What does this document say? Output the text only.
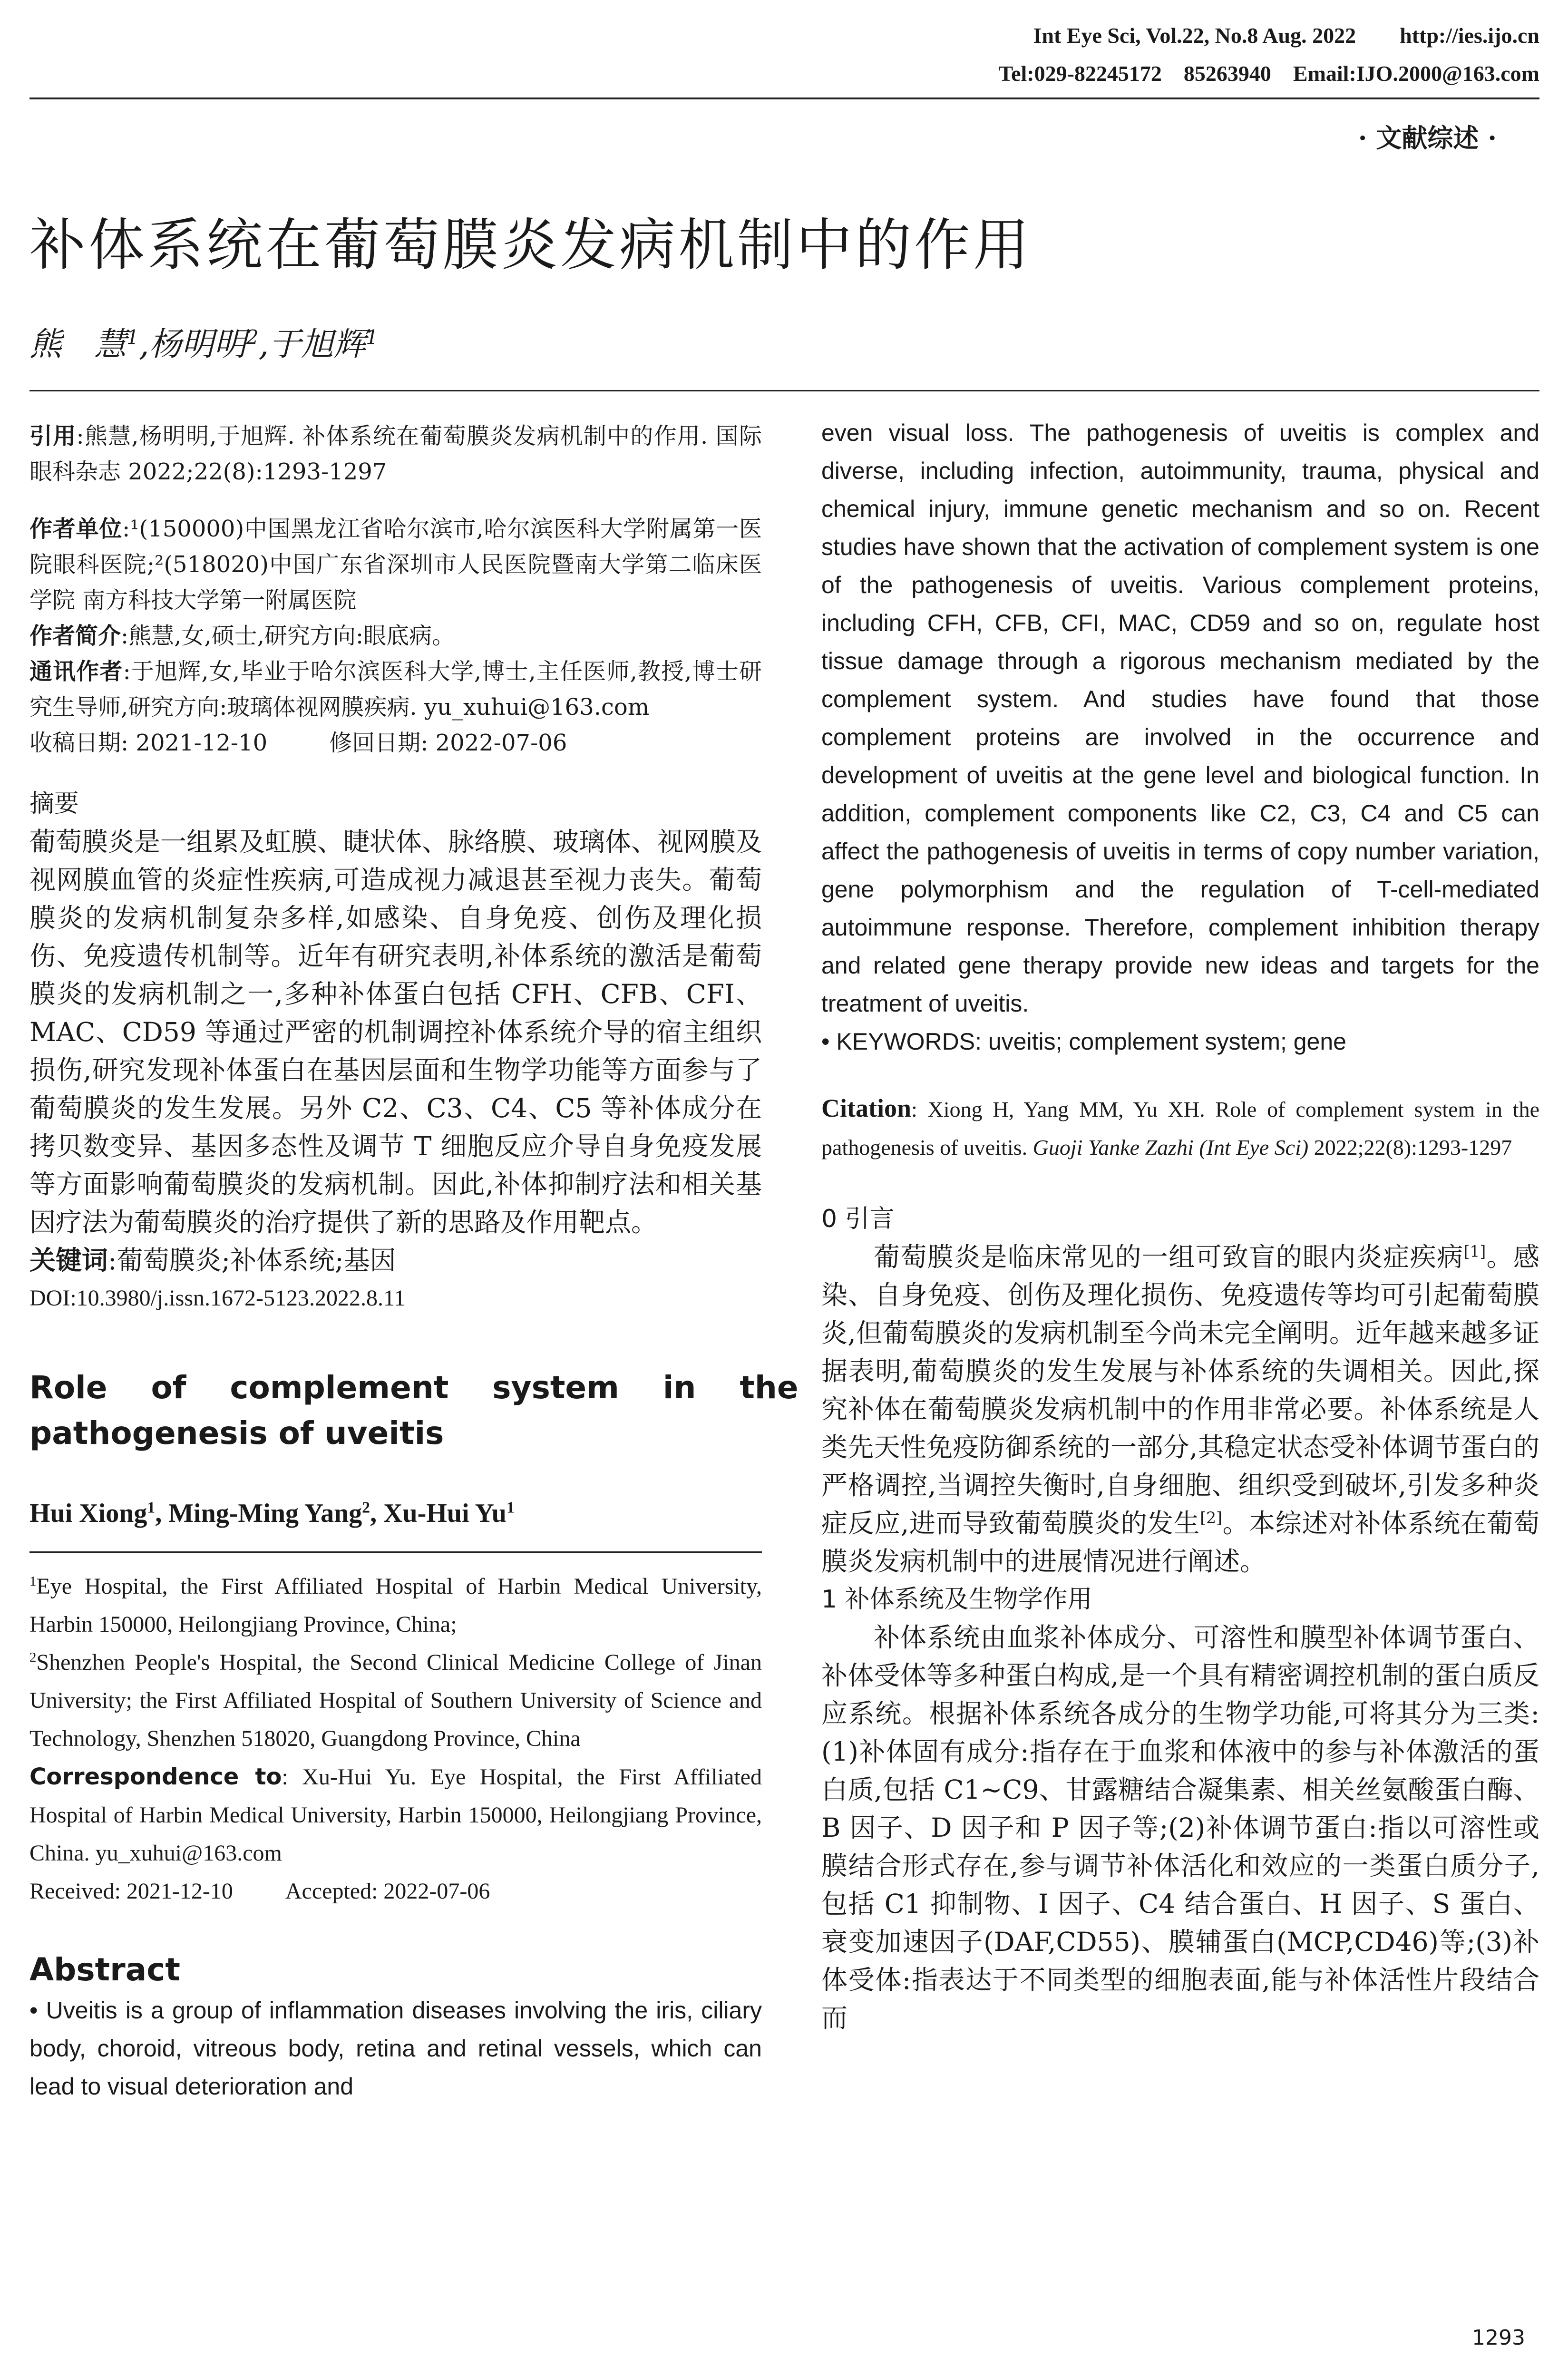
Int Eye Sci, Vol.22, No.8 Aug. 2022        http://ies.ijo.cn
Tel:029-82245172    85263940    Email:IJO.2000@163.com
· 文献综述 ·
补体系统在葡萄膜炎发病机制中的作用
熊　慧$^1$,杨明明$^2$,于旭辉$^1$

引用:熊慧,杨明明,于旭辉. 补体系统在葡萄膜炎发病机制中的作用. 国际眼科杂志 2022;22(8):1293-1297

作者单位:¹(150000)中国黑龙江省哈尔滨市,哈尔滨医科大学附属第一医院眼科医院;²(518020)中国广东省深圳市人民医院暨南大学第二临床医学院 南方科技大学第一附属医院

作者简介:熊慧,女,硕士,研究方向:眼底病。

通讯作者:于旭辉,女,毕业于哈尔滨医科大学,博士,主任医师,教授,博士研究生导师,研究方向:玻璃体视网膜疾病. yu_xuhui@163.com

收稿日期: 2021-12-10	修回日期: 2022-07-06

摘要

葡萄膜炎是一组累及虹膜、睫状体、脉络膜、玻璃体、视网膜及视网膜血管的炎症性疾病,可造成视力减退甚至视力丧失。葡萄膜炎的发病机制复杂多样,如感染、自身免疫、创伤及理化损伤、免疫遗传机制等。近年有研究表明,补体系统的激活是葡萄膜炎的发病机制之一,多种补体蛋白包括 CFH、CFB、CFI、MAC、CD59 等通过严密的机制调控补体系统介导的宿主组织损伤,研究发现补体蛋白在基因层面和生物学功能等方面参与了葡萄膜炎的发生发展。另外 C2、C3、C4、C5 等补体成分在拷贝数变异、基因多态性及调节 T 细胞反应介导自身免疫发展等方面影响葡萄膜炎的发病机制。因此,补体抑制疗法和相关基因疗法为葡萄膜炎的治疗提供了新的思路及作用靶点。

关键词:葡萄膜炎;补体系统;基因

DOI:10.3980/j.issn.1672-5123.2022.8.11

Role    of    complement    system    in    the

pathogenesis of uveitis

Hui Xiong$^1$, Ming-Ming Yang$^2$, Xu-Hui Yu$^1$

$^1$Eye Hospital, the First Affiliated Hospital of Harbin Medical University, Harbin 150000, Heilongjiang Province, China;

$^2$Shenzhen People's Hospital, the Second Clinical Medicine College of Jinan University; the First Affiliated Hospital of Southern University of Science and Technology, Shenzhen 518020, Guangdong Province, China

Correspondence to: Xu-Hui Yu. Eye Hospital, the First Affiliated Hospital of Harbin Medical University, Harbin 150000, Heilongjiang Province, China. yu_xuhui@163.com

Received: 2021-12-10 Accepted: 2022-07-06

Abstract

• Uveitis is a group of inflammation diseases involving the iris, ciliary body, choroid, vitreous body, retina and retinal vessels, which can lead to visual deterioration and

even visual loss. The pathogenesis of uveitis is complex and diverse, including infection, autoimmunity, trauma, physical and chemical injury, immune genetic mechanism and so on. Recent studies have shown that the activation of complement system is one of the pathogenesis of uveitis. Various complement proteins, including CFH, CFB, CFI, MAC, CD59 and so on, regulate host tissue damage through a rigorous mechanism mediated by the complement system. And studies have found that those complement proteins are involved in the occurrence and development of uveitis at the gene level and biological function. In addition, complement components like C2, C3, C4 and C5 can affect the pathogenesis of uveitis in terms of copy number variation, gene polymorphism and the regulation of T-cell-mediated autoimmune response. Therefore, complement inhibition therapy and related gene therapy provide new ideas and targets for the treatment of uveitis.

• KEYWORDS: uveitis; complement system; gene

Citation: Xiong H, Yang MM, Yu XH. Role of complement system in the pathogenesis of uveitis. Guoji Yanke Zazhi (Int Eye Sci) 2022;22(8):1293-1297

0 引言

葡萄膜炎是临床常见的一组可致盲的眼内炎症疾病[1]。感染、自身免疫、创伤及理化损伤、免疫遗传等均可引起葡萄膜炎,但葡萄膜炎的发病机制至今尚未完全阐明。近年越来越多证据表明,葡萄膜炎的发生发展与补体系统的失调相关。因此,探究补体在葡萄膜炎发病机制中的作用非常必要。补体系统是人类先天性免疫防御系统的一部分,其稳定状态受补体调节蛋白的严格调控,当调控失衡时,自身细胞、组织受到破坏,引发多种炎症反应,进而导致葡萄膜炎的发生[2]。本综述对补体系统在葡萄膜炎发病机制中的进展情况进行阐述。

1 补体系统及生物学作用

补体系统由血浆补体成分、可溶性和膜型补体调节蛋白、补体受体等多种蛋白构成,是一个具有精密调控机制的蛋白质反应系统。根据补体系统各成分的生物学功能,可将其分为三类:(1)补体固有成分:指存在于血浆和体液中的参与补体激活的蛋白质,包括 C1~C9、甘露糖结合凝集素、相关丝氨酸蛋白酶、B 因子、D 因子和 P 因子等;(2)补体调节蛋白:指以可溶性或膜结合形式存在,参与调节补体活化和效应的一类蛋白质分子,包括 C1 抑制物、I 因子、C4 结合蛋白、H 因子、S 蛋白、衰变加速因子(DAF,CD55)、膜辅蛋白(MCP,CD46)等;(3)补体受体:指表达于不同类型的细胞表面,能与补体活性片段结合而

1293
